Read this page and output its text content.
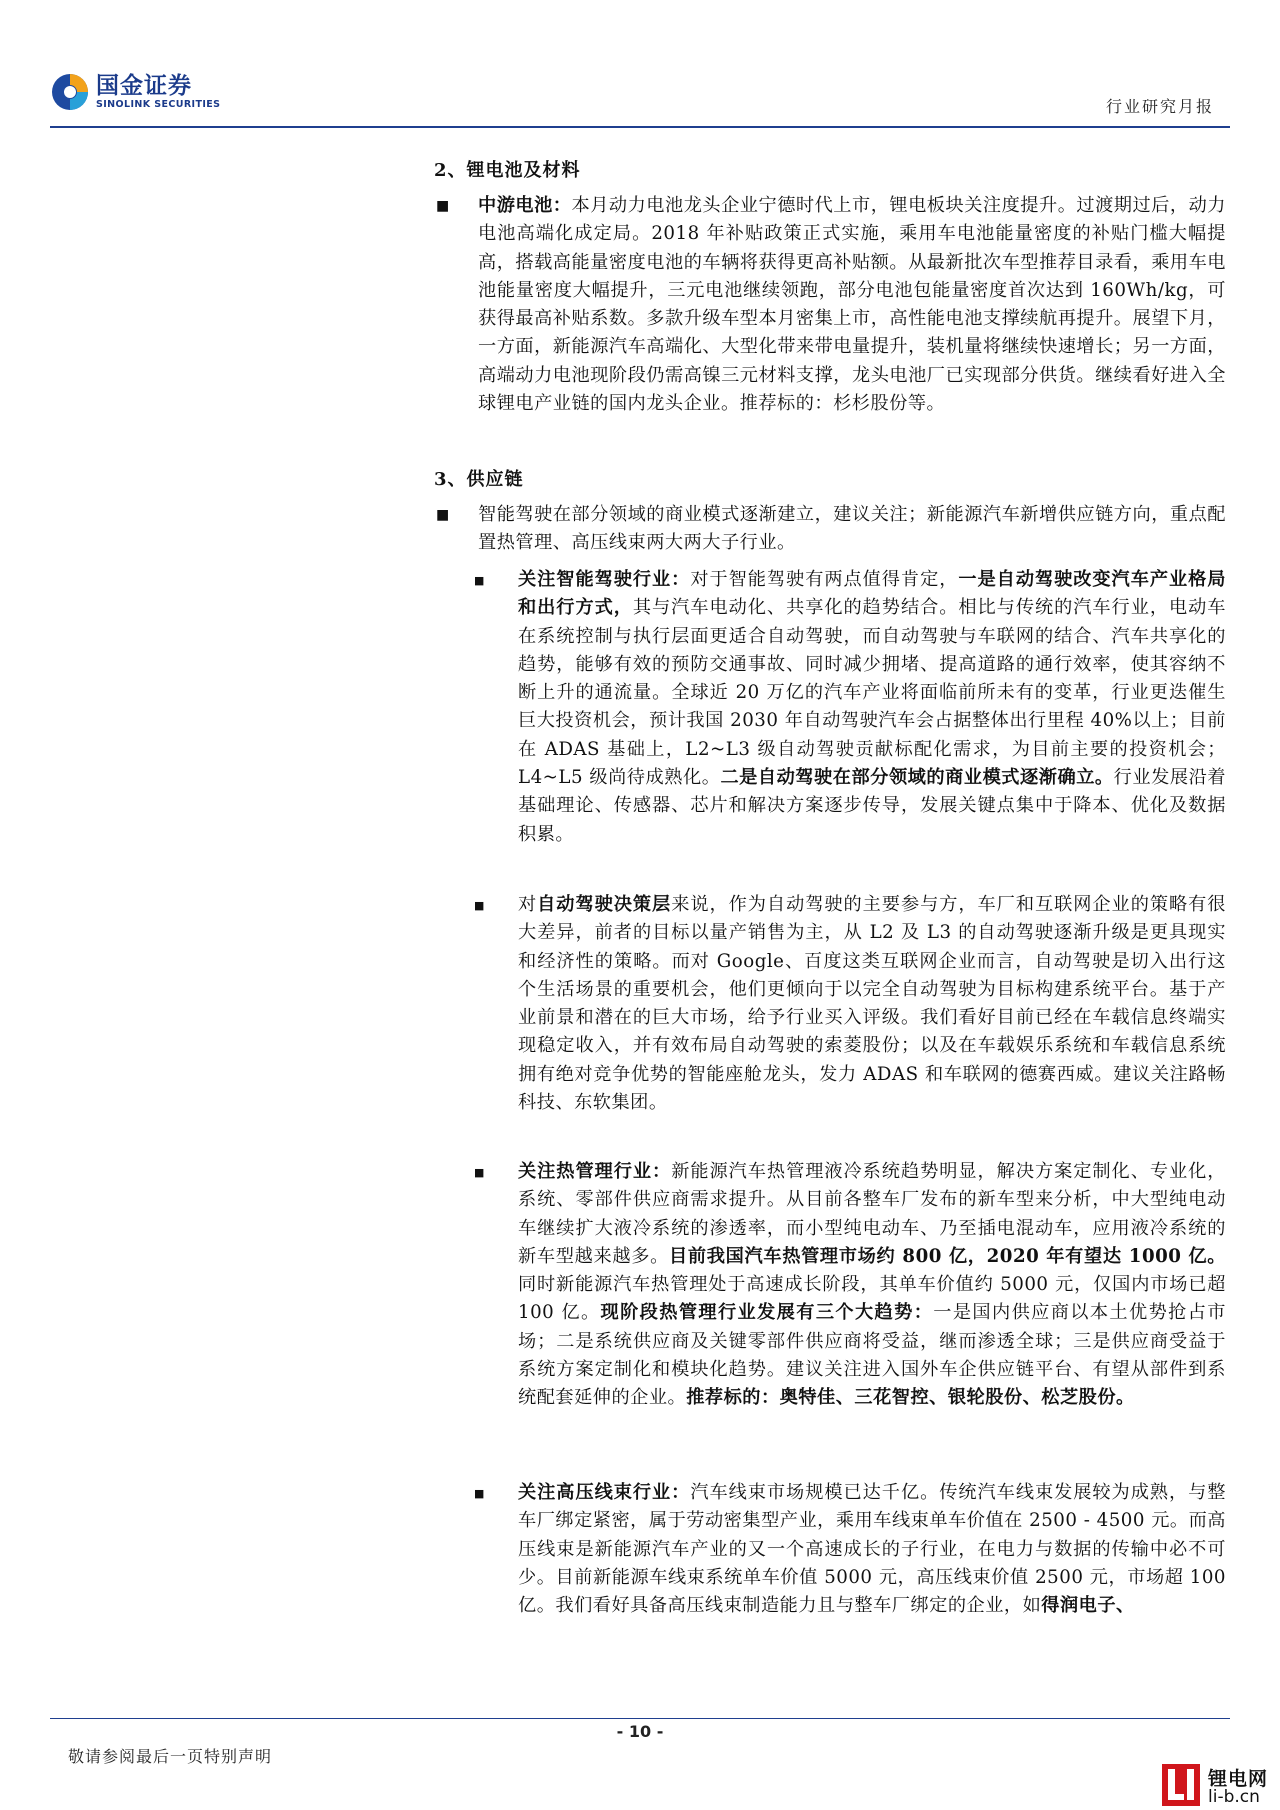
国金证券
SINOLINK SECURITIES	行业研究月报
2、锂电池及材料
■ 中游电池：本月动力电池龙头企业宁德时代上市，锂电板块关注度提升。过渡期过后，动力电池高端化成定局。2018 年补贴政策正式实施，乘用车电池能量密度的补贴门槛大幅提高，搭载高能量密度电池的车辆将获得更高补贴额。从最新批次车型推荐目录看，乘用车电池能量密度大幅提升，三元电池继续领跑，部分电池包能量密度首次达到 160Wh/kg，可获得最高补贴系数。多款升级车型本月密集上市，高性能电池支撑续航再提升。展望下月，一方面，新能源汽车高端化、大型化带来带电量提升，装机量将继续快速增长；另一方面，高端动力电池现阶段仍需高镍三元材料支撑，龙头电池厂已实现部分供货。继续看好进入全球锂电产业链的国内龙头企业。推荐标的：杉杉股份等。
3、供应链
■ 智能驾驶在部分领域的商业模式逐渐建立，建议关注；新能源汽车新增供应链方向，重点配置热管理、高压线束两大两大子行业。
■ 关注智能驾驶行业：对于智能驾驶有两点值得肯定，一是自动驾驶改变汽车产业格局和出行方式，其与汽车电动化、共享化的趋势结合。相比与传统的汽车行业，电动车在系统控制与执行层面更适合自动驾驶，而自动驾驶与车联网的结合、汽车共享化的趋势，能够有效的预防交通事故、同时减少拥堵、提高道路的通行效率，使其容纳不断上升的通流量。全球近 20 万亿的汽车产业将面临前所未有的变革，行业更迭催生巨大投资机会，预计我国 2030 年自动驾驶汽车会占据整体出行里程 40%以上；目前在 ADAS 基础上，L2~L3 级自动驾驶贡献标配化需求，为目前主要的投资机会；L4~L5 级尚待成熟化。二是自动驾驶在部分领域的商业模式逐渐确立。行业发展沿着基础理论、传感器、芯片和解决方案逐步传导，发展关键点集中于降本、优化及数据积累。
■ 对自动驾驶决策层来说，作为自动驾驶的主要参与方，车厂和互联网企业的策略有很大差异，前者的目标以量产销售为主，从 L2 及 L3 的自动驾驶逐渐升级是更具现实和经济性的策略。而对 Google、百度这类互联网企业而言，自动驾驶是切入出行这个生活场景的重要机会，他们更倾向于以完全自动驾驶为目标构建系统平台。基于产业前景和潜在的巨大市场，给予行业买入评级。我们看好目前已经在车载信息终端实现稳定收入，并有效布局自动驾驶的索菱股份；以及在车载娱乐系统和车载信息系统拥有绝对竞争优势的智能座舱龙头，发力 ADAS 和车联网的德赛西威。建议关注路畅科技、东软集团。
■ 关注热管理行业：新能源汽车热管理液冷系统趋势明显，解决方案定制化、专业化，系统、零部件供应商需求提升。从目前各整车厂发布的新车型来分析，中大型纯电动车继续扩大液冷系统的渗透率，而小型纯电动车、乃至插电混动车，应用液冷系统的新车型越来越多。目前我国汽车热管理市场约 800 亿，2020 年有望达 1000 亿。同时新能源汽车热管理处于高速成长阶段，其单车价值约 5000 元，仅国内市场已超 100 亿。现阶段热管理行业发展有三个大趋势：一是国内供应商以本土优势抢占市场；二是系统供应商及关键零部件供应商将受益，继而渗透全球；三是供应商受益于系统方案定制化和模块化趋势。建议关注进入国外车企供应链平台、有望从部件到系统配套延伸的企业。推荐标的：奥特佳、三花智控、银轮股份、松芝股份。
■ 关注高压线束行业：汽车线束市场规模已达千亿。传统汽车线束发展较为成熟，与整车厂绑定紧密，属于劳动密集型产业，乘用车线束单车价值在 2500 - 4500 元。而高压线束是新能源汽车产业的又一个高速成长的子行业，在电力与数据的传输中必不可少。目前新能源车线束系统单车价值 5000 元，高压线束价值 2500 元，市场超 100 亿。我们看好具备高压线束制造能力且与整车厂绑定的企业，如得润电子、
- 10 -
敬请参阅最后一页特别声明
锂电网
li-b.cn
